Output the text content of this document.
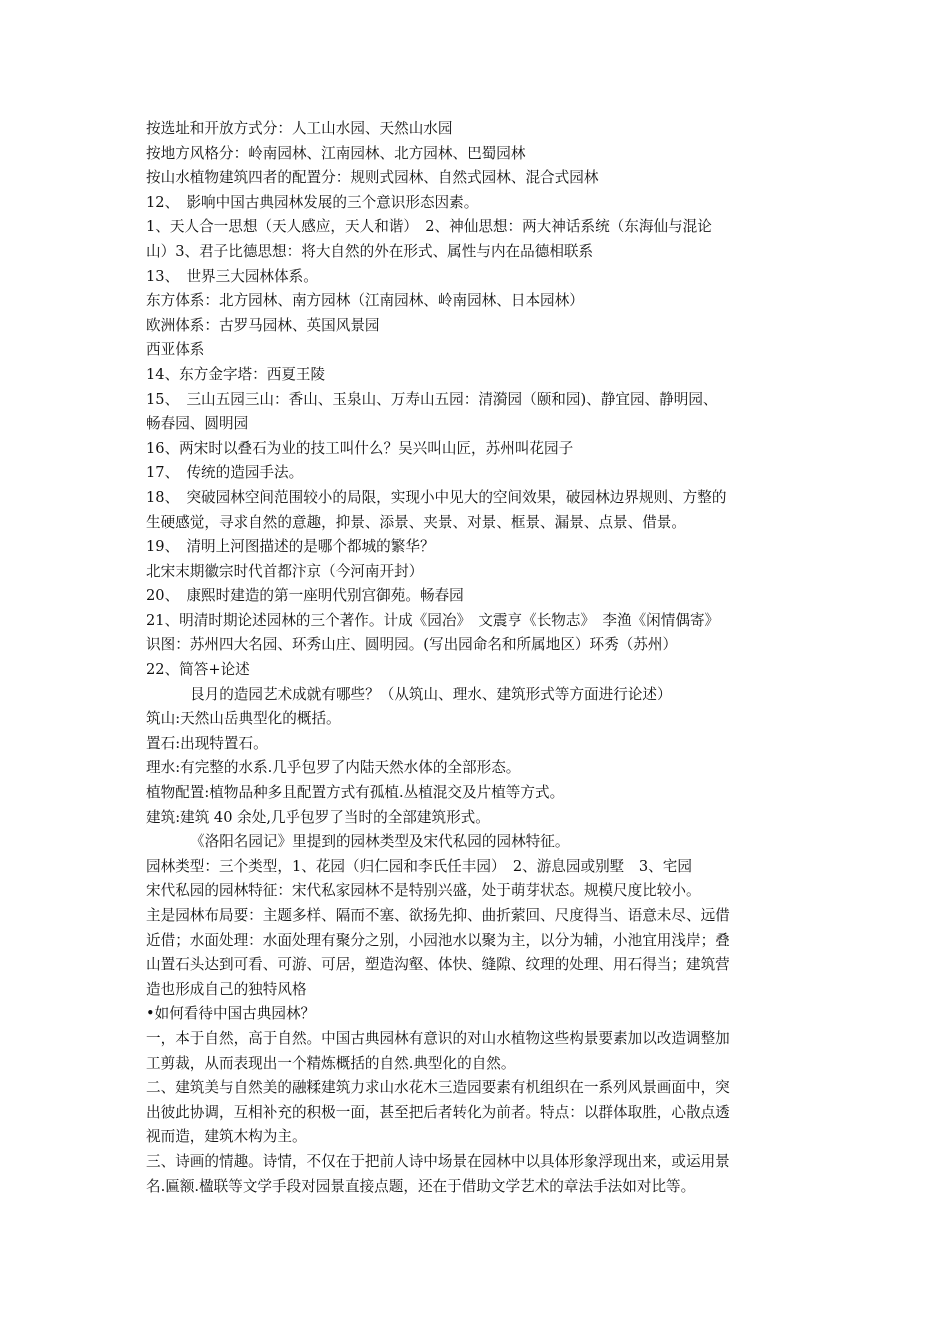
按选址和开放方式分：人工山水园、天然山水园
按地方风格分：岭南园林、江南园林、北方园林、巴蜀园林
按山水植物建筑四者的配置分：规则式园林、自然式园林、混合式园林
12、　影响中国古典园林发展的三个意识形态因素。
1、天人合一思想（天人感应，天人和谐）　2、神仙思想：两大神话系统（东海仙与混论
山）3、君子比德思想：将大自然的外在形式、属性与内在品德相联系
13、　世界三大园林体系。
东方体系：北方园林、南方园林（江南园林、岭南园林、日本园林）
欧洲体系：古罗马园林、英国风景园
西亚体系
14、东方金字塔：西夏王陵
15、　三山五园三山：香山、玉泉山、万寿山五园：清漪园（颐和园)、静宜园、静明园、
畅春园、圆明园
16、两宋时以叠石为业的技工叫什么？吴兴叫山匠，苏州叫花园子
17、　传统的造园手法。
18、　突破园林空间范围较小的局限，实现小中见大的空间效果，破园林边界规则、方整的
生硬感觉，寻求自然的意趣，抑景、添景、夹景、对景、框景、漏景、点景、借景。
19、　清明上河图描述的是哪个都城的繁华？
北宋末期徽宗时代首都汴京（今河南开封）
20、　康熙时建造的第一座明代别宫御苑。畅春园
21、明清时期论述园林的三个著作。计成《园冶》　文震亨《长物志》　李渔《闲情偶寄》
识图：苏州四大名园、环秀山庄、圆明园。(写出园命名和所属地区）环秀（苏州）
22、简答+论述
艮月的造园艺术成就有哪些？（从筑山、理水、建筑形式等方面进行论述）
筑山:天然山岳典型化的概括。
置石:出现特置石。
理水:有完整的水系.几乎包罗了内陆天然水体的全部形态。
植物配置:植物品种多且配置方式有孤植.丛植混交及片植等方式。
建筑:建筑 40 余处,几乎包罗了当时的全部建筑形式。
《洛阳名园记》里提到的园林类型及宋代私园的园林特征。
园林类型：三个类型，1、花园（归仁园和李氏任丰园）　2、游息园或别墅　3、宅园
宋代私园的园林特征：宋代私家园林不是特别兴盛，处于萌芽状态。规模尺度比较小。
主是园林布局要：主题多样、隔而不塞、欲扬先抑、曲折萦回、尺度得当、语意未尽、远借
近借；水面处理：水面处理有聚分之别，小园池水以聚为主，以分为辅，小池宜用浅岸；叠
山置石头达到可看、可游、可居，塑造沟壑、体快、缝隙、纹理的处理、用石得当；建筑营
造也形成自己的独特风格
•如何看待中国古典园林？
一，本于自然，高于自然。中国古典园林有意识的对山水植物这些构景要素加以改造调整加
工剪裁，从而表现出一个精炼概括的自然.典型化的自然。
二、建筑美与自然美的融糅建筑力求山水花木三造园要素有机组织在一系列风景画面中，突
出彼此协调，互相补充的积极一面，甚至把后者转化为前者。特点：以群体取胜，心散点透
视而造，建筑木构为主。
三、诗画的情趣。诗情，不仅在于把前人诗中场景在园林中以具体形象浮现出来，或运用景
名.匾额.楹联等文学手段对园景直接点题，还在于借助文学艺术的章法手法如对比等。
